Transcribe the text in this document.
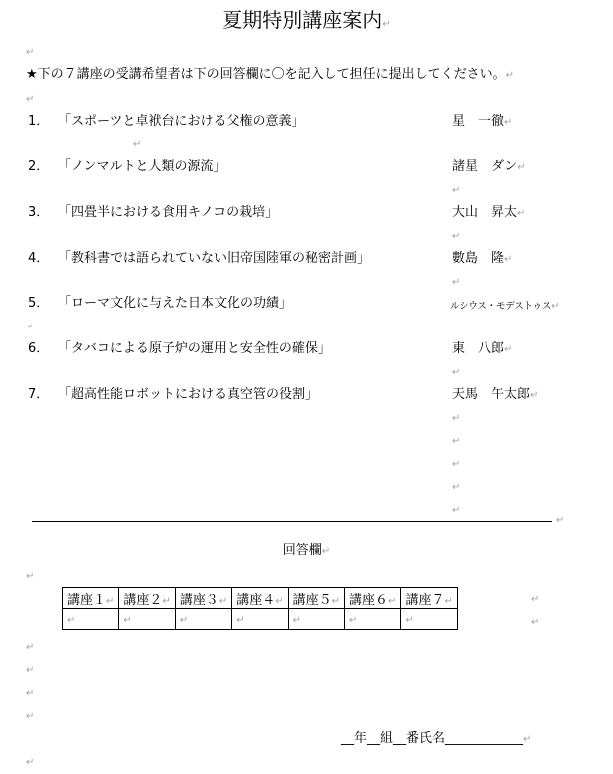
夏期特別講座案内↵
↵
★下の７講座の受講希望者は下の回答欄に〇を記入して担任に提出してください。↵
↵
1． 「スポーツと卓袱台における父権の意義」	星　一徹↵
↵
2． 「ノンマルトと人類の源流」	諸星　ダン↵
↵
3． 「四畳半における食用キノコの栽培」	大山　昇太↵
↵
4． 「教科書では語られていない旧帝国陸軍の秘密計画」	數島　隆↵
↵
5． 「ローマ文化に与えた日本文化の功績」	ルシウス・モデストゥス↵
↵
6． 「タバコによる原子炉の運用と安全性の確保」	東　八郎↵
↵
7． 「超高性能ロボットにおける真空管の役割」	天馬　午太郎↵
↵
↵
↵
↵
↵
↵
回答欄↵
↵
講座１↵	講座２↵	講座３↵	講座４↵	講座５↵	講座６↵	講座７↵
↵	↵	↵	↵	↵	↵	↵
↵
↵
↵
↵
↵
↵
__年__組__番氏名____________↵
↵
